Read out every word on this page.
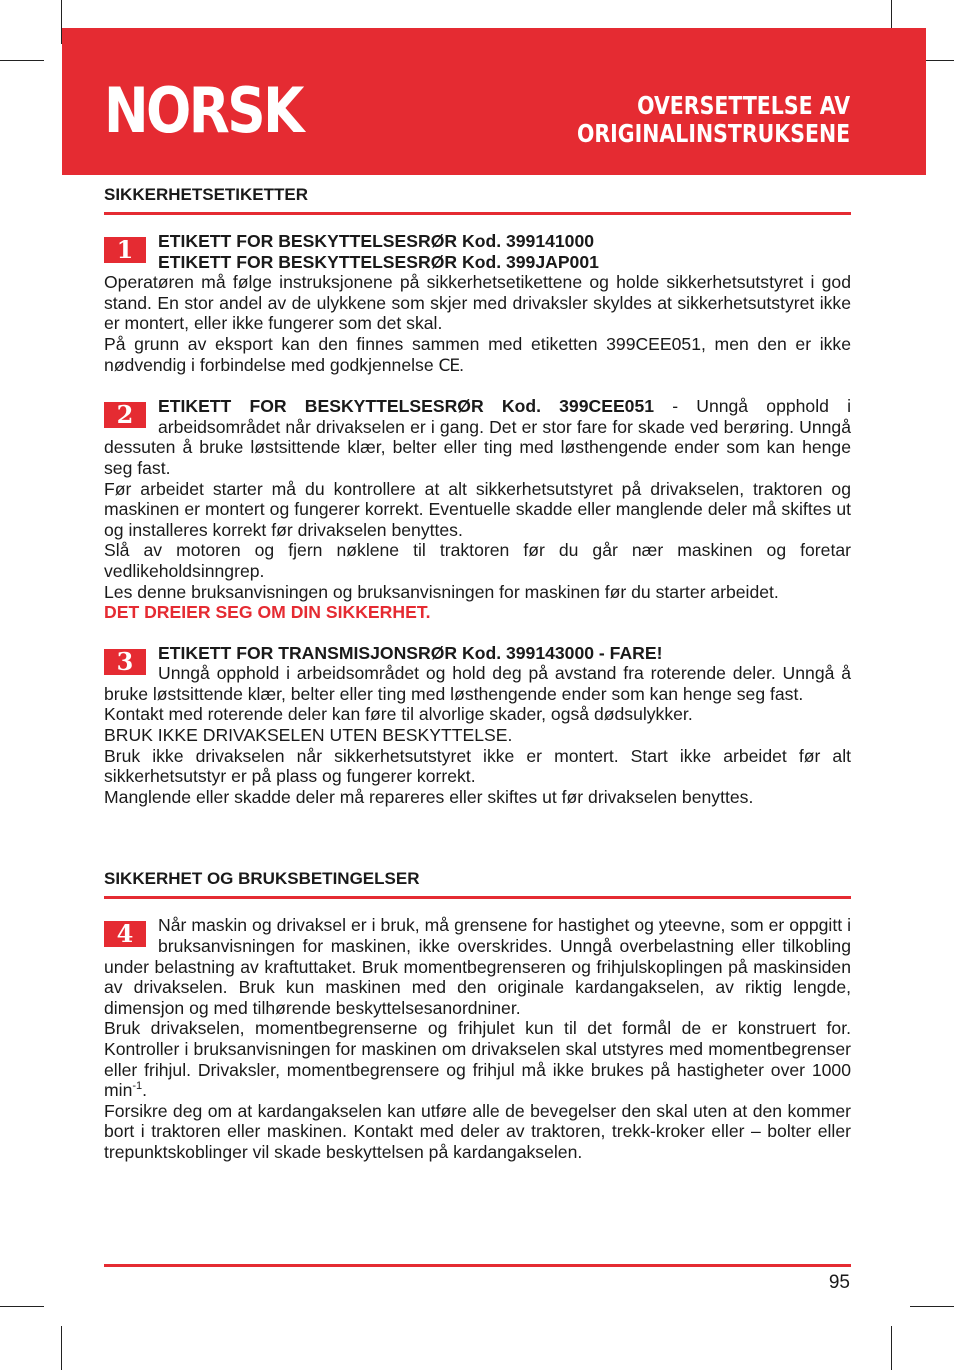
NORSK	OVERSETTELSE AV
ORIGINALINSTRUKSENE
SIKKERHETSETIKETTER
1	ETIKETT FOR BESKYTTELSESRØR Kod. 399141000

ETIKETT FOR BESKYTTELSESRØR Kod. 399JAP001

Operatøren må følge instruksjonene på sikkerhetsetikettene og holde sikkerhetsutstyret i god stand. En stor andel av de ulykkene som skjer med drivaksler skyldes at sikkerhetsutstyret ikke er montert, eller ikke fungerer som det skal.

På grunn av eksport kan den finnes sammen med etiketten 399CEE051, men den er ikke nødvendig i forbindelse med godkjennelse CE.

2	ETIKETT FOR BESKYTTELSESRØR Kod. 399CEE051 - Unngå opphold i arbeidsområdet når drivakselen er i gang. Det er stor fare for skade ved berøring. Unngå dessuten å bruke løstsittende klær, belter eller ting med løsthengende ender som kan henge seg fast.

Før arbeidet starter må du kontrollere at alt sikkerhetsutstyret på drivakselen, traktoren og maskinen er montert og fungerer korrekt. Eventuelle skadde eller manglende deler må skiftes ut og installeres korrekt før drivakselen benyttes.

Slå av motoren og fjern nøklene til traktoren før du går nær maskinen og foretar vedlikeholdsinngrep.

Les denne bruksanvisningen og bruksanvisningen for maskinen før du starter arbeidet.

DET DREIER SEG OM DIN SIKKERHET.

3	ETIKETT FOR TRANSMISJONSRØR Kod. 399143000 - FARE!

Unngå opphold i arbeidsområdet og hold deg på avstand fra roterende deler. Unngå å bruke løstsittende klær, belter eller ting med løsthengende ender som kan henge seg fast.

Kontakt med roterende deler kan føre til alvorlige skader, også dødsulykker.

BRUK IKKE DRIVAKSELEN UTEN BESKYTTELSE.

Bruk ikke drivakselen når sikkerhetsutstyret ikke er montert. Start ikke arbeidet før alt sikkerhetsutstyr er på plass og fungerer korrekt.

Manglende eller skadde deler må repareres eller skiftes ut før drivakselen benyttes.

SIKKERHET OG BRUKSBETINGELSER
4	Når maskin og drivaksel er i bruk, må grensene for hastighet og yteevne, som er oppgitt i bruksanvisningen for maskinen, ikke overskrides. Unngå overbelastning eller tilkobling under belastning av kraftuttaket. Bruk momentbegrenseren og frihjulskoplingen på maskinsiden av drivakselen. Bruk kun maskinen med den originale kardangakselen, av riktig lengde, dimensjon og med tilhørende beskyttelsesanordniner.

Bruk drivakselen, momentbegrenserne og frihjulet kun til det formål de er konstruert for. Kontroller i bruksanvisningen for maskinen om drivakselen skal utstyres med momentbegrenser eller frihjul. Drivaksler, momentbegrensere og frihjul må ikke brukes på hastigheter over 1000 $\min^{-1}$.

Forsikre deg om at kardangakselen kan utføre alle de bevegelser den skal uten at den kommer bort i traktoren eller maskinen. Kontakt med deler av traktoren, trekk-kroker eller – bolter eller trepunktskoblinger vil skade beskyttelsen på kardangakselen.

95
